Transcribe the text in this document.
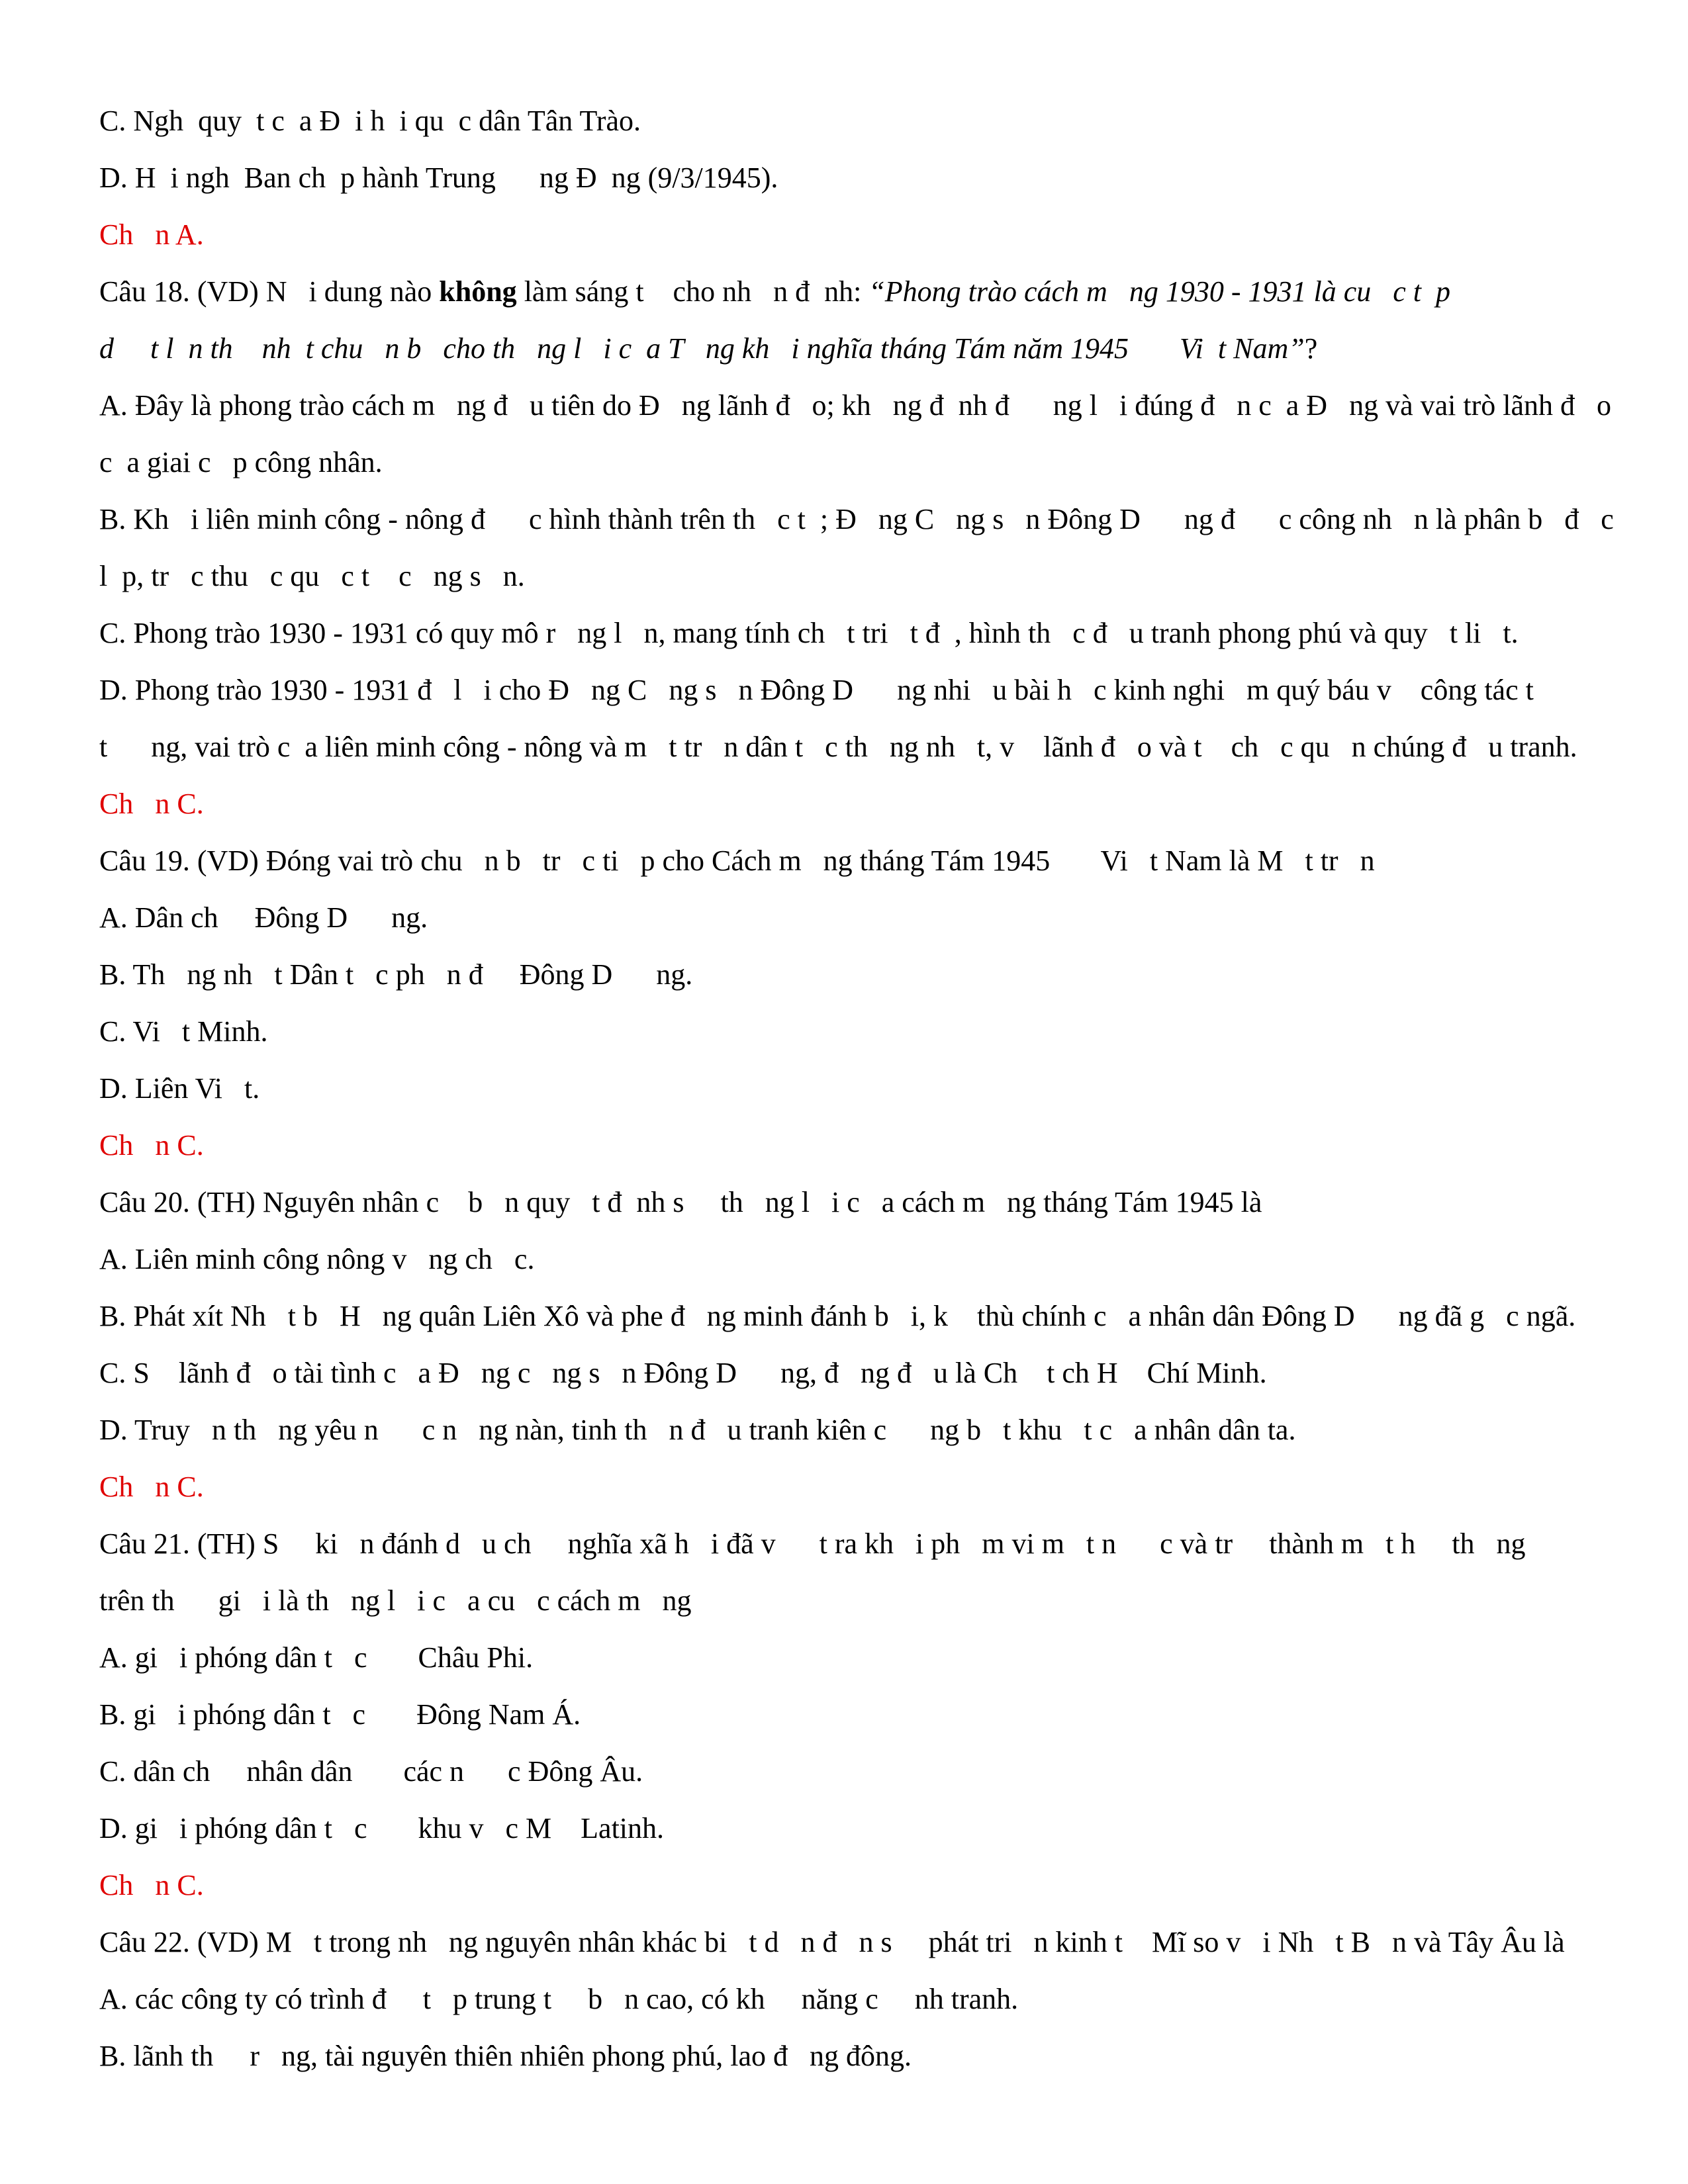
C. Ngh  quy  t c  a Đ  i h  i qu  c dân Tân Trào.
D. H  i ngh  Ban ch  p hành Trung      ng Đ  ng (9/3/1945).
Ch   n A.
Câu 18. (VD) N   i dung nào không làm sáng t    cho nh   n đ  nh: “Phong trào cách m   ng 1930 - 1931 là cu   c t  p
d     t l  n th    nh  t chu   n b   cho th   ng l   i c  a T   ng kh   i nghĩa tháng Tám năm 1945       Vi  t Nam”?
A. Đây là phong trào cách m   ng đ   u tiên do Đ   ng lãnh đ   o; kh   ng đ  nh đ      ng l   i đúng đ   n c  a Đ   ng và vai trò lãnh đ   o
c  a giai c   p công nhân.
B. Kh   i liên minh công - nông đ      c hình thành trên th   c t  ; Đ   ng C   ng s   n Đông D      ng đ      c công nh   n là phân b   đ   c
l  p, tr   c thu   c qu   c t    c   ng s   n.
C. Phong trào 1930 - 1931 có quy mô r   ng l   n, mang tính ch   t tri   t đ  , hình th   c đ   u tranh phong phú và quy   t li   t.
D. Phong trào 1930 - 1931 đ   l   i cho Đ   ng C   ng s   n Đông D      ng nhi   u bài h   c kinh nghi   m quý báu v    công tác t
t      ng, vai trò c  a liên minh công - nông và m   t tr   n dân t   c th   ng nh   t, v    lãnh đ   o và t    ch   c qu   n chúng đ   u tranh.
Ch   n C.
Câu 19. (VD) Đóng vai trò chu   n b   tr   c ti   p cho Cách m   ng tháng Tám 1945       Vi   t Nam là M   t tr   n
A. Dân ch     Đông D      ng.
B. Th   ng nh   t Dân t   c ph   n đ     Đông D      ng.
C. Vi   t Minh.
D. Liên Vi   t.
Ch   n C.
Câu 20. (TH) Nguyên nhân c    b   n quy   t đ  nh s     th   ng l   i c   a cách m   ng tháng Tám 1945 là
A. Liên minh công nông v   ng ch   c.
B. Phát xít Nh   t b   H   ng quân Liên Xô và phe đ   ng minh đánh b   i, k    thù chính c   a nhân dân Đông D      ng đã g   c ngã.
C. S    lãnh đ   o tài tình c   a Đ   ng c   ng s   n Đông D      ng, đ   ng đ   u là Ch    t ch H    Chí Minh.
D. Truy   n th   ng yêu n      c n   ng nàn, tinh th   n đ   u tranh kiên c      ng b   t khu   t c   a nhân dân ta.
Ch   n C.
Câu 21. (TH) S     ki   n đánh d   u ch     nghĩa xã h   i đã v      t ra kh   i ph   m vi m   t n      c và tr     thành m   t h     th   ng
trên th      gi   i là th   ng l   i c   a cu   c cách m   ng
A. gi   i phóng dân t   c       Châu Phi.
B. gi   i phóng dân t   c       Đông Nam Á.
C. dân ch     nhân dân       các n      c Đông Âu.
D. gi   i phóng dân t   c       khu v   c M    Latinh.
Ch   n C.
Câu 22. (VD) M   t trong nh   ng nguyên nhân khác bi   t d   n đ   n s     phát tri   n kinh t    Mĩ so v   i Nh   t B   n và Tây Âu là
A. các công ty có trình đ     t   p trung t     b   n cao, có kh     năng c     nh tranh.
B. lãnh th     r   ng, tài nguyên thiên nhiên phong phú, lao đ   ng đông.
